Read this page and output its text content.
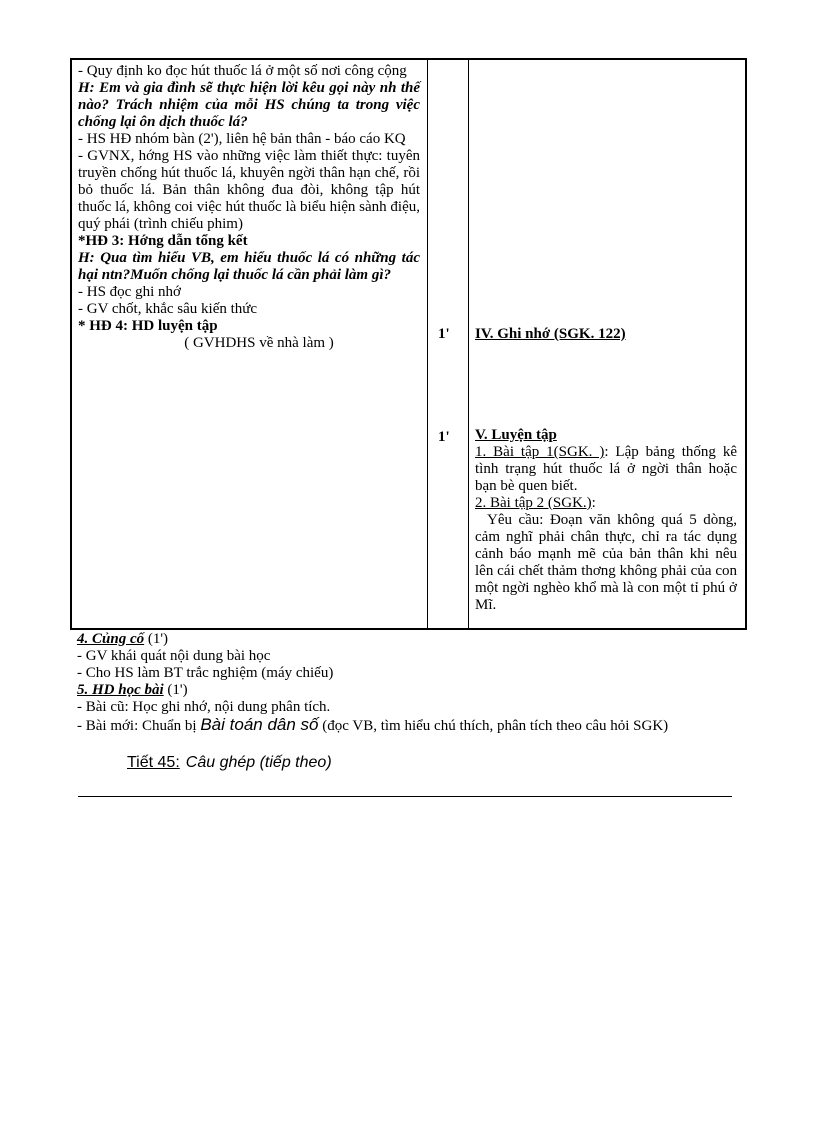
- Quy định ko đọc hút thuốc lá ở một số nơi công cộng

H: Em và gia đình sẽ thực hiện lời kêu gọi này nh thế nào? Trách nhiệm của mỗi HS chúng ta trong việc chống lại ôn dịch thuốc lá?

- HS HĐ nhóm bàn (2'), liên hệ bản thân - báo cáo KQ

- GVNX, hớng HS vào những việc làm thiết thực: tuyên truyền chống hút thuốc lá, khuyên ngời thân hạn chế, rồi bỏ thuốc lá. Bản thân không đua đòi, không tập hút thuốc lá, không coi việc hút thuốc là biểu hiện sành điệu, quý phái (trình chiếu phim)

*HĐ 3: Hớng dẫn tổng kết

H: Qua tìm hiểu VB, em hiểu thuốc lá có những tác hại ntn?Muốn chống lại thuốc lá cần phải làm gì?

- HS đọc ghi nhớ

- GV chốt, khắc sâu kiến thức

* HĐ 4: HD luyện tập

( GVHDHS về nhà làm )

1'
1'

IV. Ghi nhớ (SGK. 122)

V. Luyện tập

1. Bài tập 1(SGK. ): Lập bảng thống kê tình trạng hút thuốc lá ở ngời thân hoặc bạn bè quen biết.

2. Bài tập 2 (SGK.):

Yêu cầu: Đoạn văn không quá 5 dòng, cảm nghĩ phải chân thực, chỉ ra tác dụng cảnh báo mạnh mẽ của bản thân khi nêu lên cái chết thảm thơng không phải của con một ngời nghèo khổ mà là con một tỉ phú ở Mĩ.

4. Củng cố (1')

- GV khái quát nội dung bài học

- Cho HS làm BT trắc nghiệm (máy chiếu)

5. HD học bài (1')

- Bài cũ: Học ghi nhớ, nội dung phân tích.

- Bài mới: Chuẩn bị Bài toán dân số (đọc VB, tìm hiểu chú thích, phân tích theo câu hỏi SGK)

Tiết 45: Câu ghép (tiếp theo)
